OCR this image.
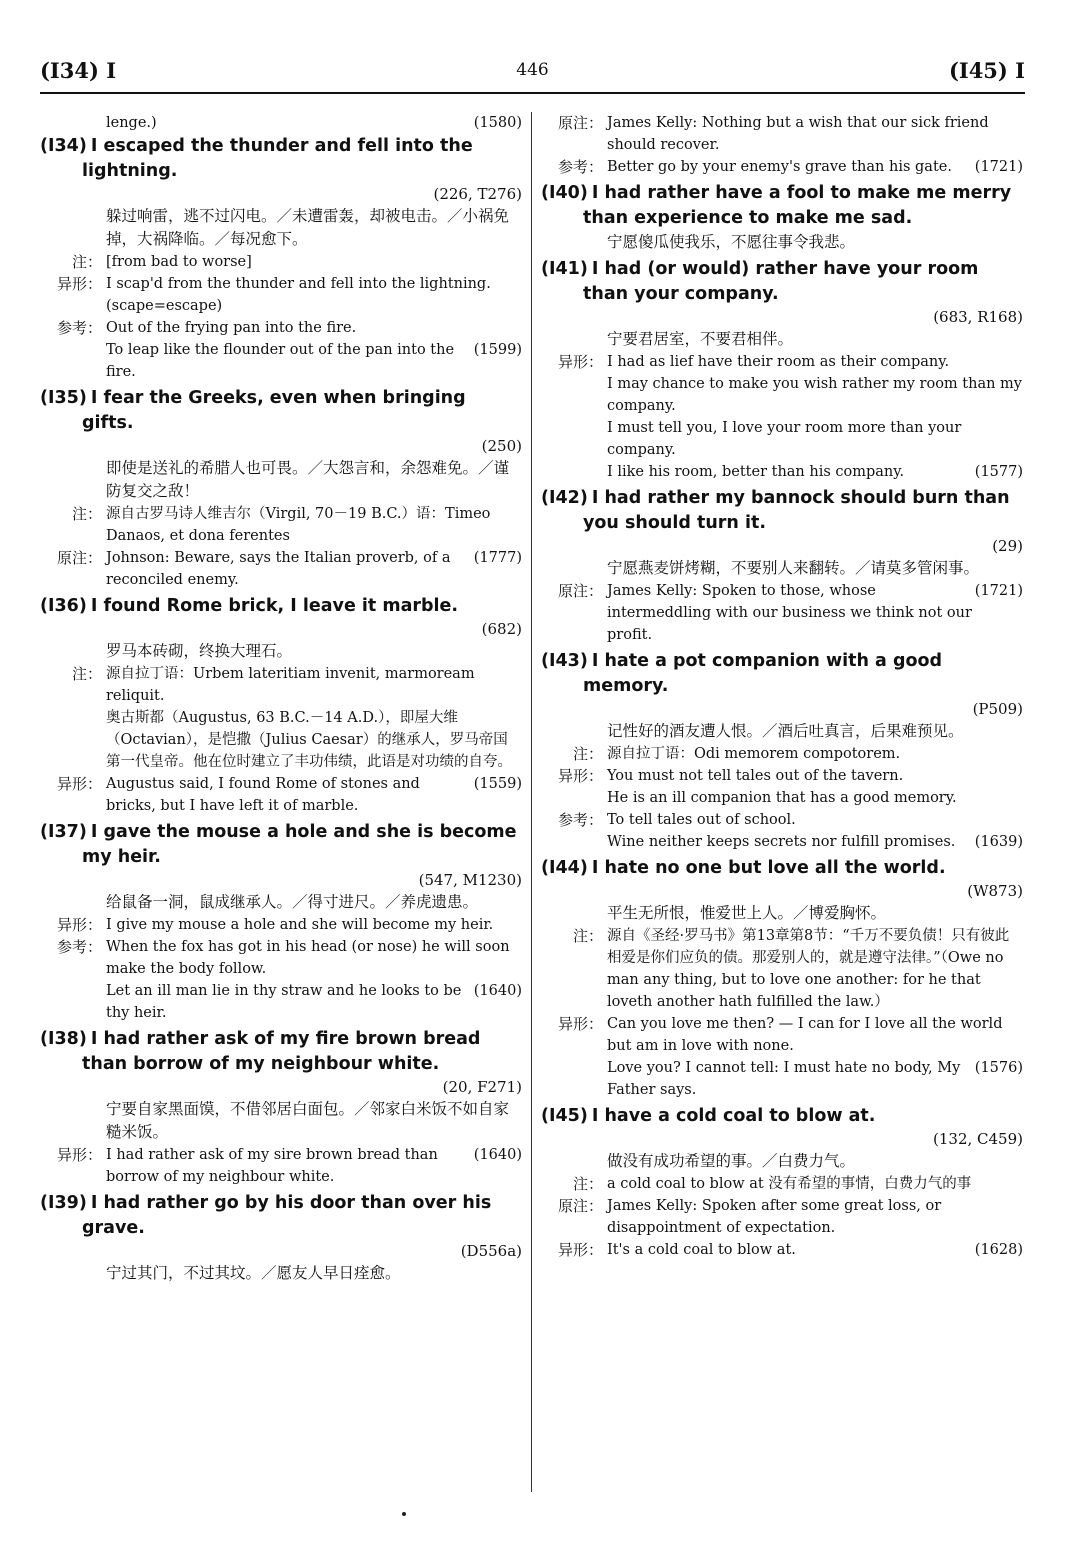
(I34) I	446	(I45) I
lenge.)	(1580)
(I34) I escaped the thunder and fell into the lightning.
(226, T276)
躲过响雷，逃不过闪电。／未遭雷轰，却被电击。／小祸免掉，大祸降临。／每况愈下。
注： [from bad to worse]
异形： I scap'd from the thunder and fell into the lightning. (scape=escape)
参考： Out of the frying pan into the fire.
To leap like the flounder out of the pan into the fire.
(1599)
(I35) I fear the Greeks, even when bringing gifts.
(250)
即使是送礼的希腊人也可畏。／大怨言和，余怨难免。／谨防复交之敌！
注： 源自古罗马诗人维吉尔（Virgil, 70－19 B.C.）语：Timeo Danaos, et dona ferentes
原注： Johnson: Beware, says the Italian proverb, of a reconciled enemy.
(1777)
(I36) I found Rome brick, I leave it marble.
(682)
罗马本砖砌，终换大理石。
注： 源自拉丁语：Urbem lateritiam invenit, marmoream reliquit.
奥古斯都（Augustus, 63 B.C.－14 A.D.），即屋大维（Octavian），是恺撒（Julius Caesar）的继承人，罗马帝国第一代皇帝。他在位时建立了丰功伟绩，此语是对功绩的自夸。
异形： Augustus said, I found Rome of stones and bricks, but I have left it of marble.
(1559)
(I37) I gave the mouse a hole and she is become my heir.
(547, M1230)
给鼠备一洞，鼠成继承人。／得寸进尺。／养虎遗患。
异形： I give my mouse a hole and she will become my heir.
参考： When the fox has got in his head (or nose) he will soon make the body follow.
Let an ill man lie in thy straw and he looks to be thy heir.
(1640)
(I38) I had rather ask of my fire brown bread than borrow of my neighbour white.
(20, F271)
宁要自家黑面馍，不借邻居白面包。／邻家白米饭不如自家糙米饭。
异形： I had rather ask of my sire brown bread than borrow of my neighbour white.
(1640)
(I39) I had rather go by his door than over his grave.
(D556a)
宁过其门，不过其坟。／愿友人早日痊愈。
原注： James Kelly: Nothing but a wish that our sick friend should recover.
参考： Better go by your enemy's grave than his gate. (1721)
(I40) I had rather have a fool to make me merry than experience to make me sad.
宁愿傻瓜使我乐，不愿往事令我悲。
(I41) I had (or would) rather have your room than your company.
(683, R168)
宁要君居室，不要君相伴。
异形： I had as lief have their room as their company.
I may chance to make you wish rather my room than my company.
I must tell you, I love your room more than your company.
I like his room, better than his company.	(1577)
(I42) I had rather my bannock should burn than you should turn it.
(29)
宁愿燕麦饼烤糊，不要别人来翻转。／请莫多管闲事。
原注： James Kelly: Spoken to those, whose intermeddling with our business we think not our profit.
(1721)
(I43) I hate a pot companion with a good memory.
(P509)
记性好的酒友遭人恨。／酒后吐真言，后果难预见。
注： 源自拉丁语：Odi memorem compotorem.
异形： You must not tell tales out of the tavern.
He is an ill companion that has a good memory.
参考： To tell tales out of school.
Wine neither keeps secrets nor fulfill promises. (1639)
(I44) I hate no one but love all the world.
(W873)
平生无所恨，惟爱世上人。／博爱胸怀。
注： 源自《圣经·罗马书》第13章第8节：“千万不要负债！只有彼此相爱是你们应负的债。那爱别人的，就是遵守法律。”（Owe no man any thing, but to love one another: for he that loveth another hath fulfilled the law.）
异形： Can you love me then? — I can for I love all the world but am in love with none.
Love you? I cannot tell: I must hate no body, My Father says.
(1576)
(I45) I have a cold coal to blow at.
(132, C459)
做没有成功希望的事。／白费力气。
注： a cold coal to blow at 没有希望的事情，白费力气的事
原注： James Kelly: Spoken after some great loss, or disappointment of expectation.
异形： It's a cold coal to blow at.	(1628)
